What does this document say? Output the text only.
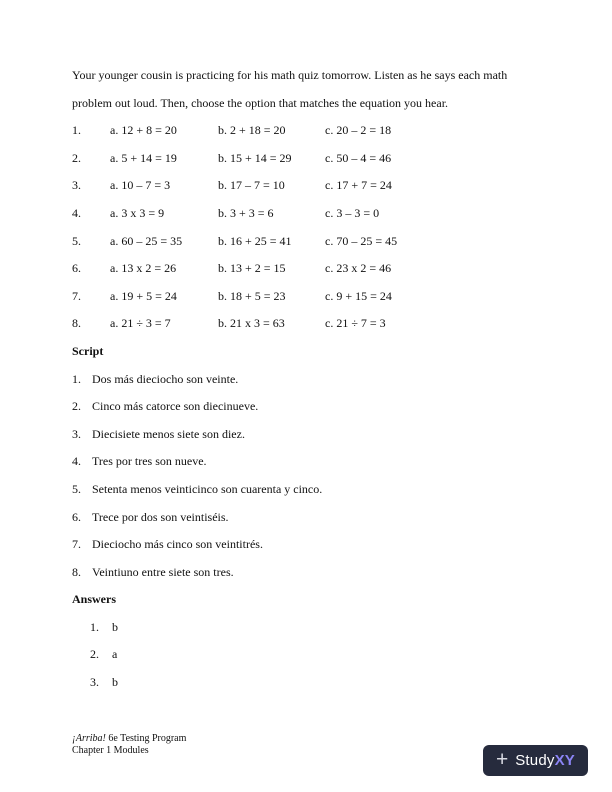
Your younger cousin is practicing for his math quiz tomorrow. Listen as he says each math

problem out loud. Then, choose the option that matches the equation you hear.

1.	a. 12 + 8 = 20	b. 2 + 18 = 20	c. 20 – 2 = 18
2.	a. 5 + 14 = 19	b. 15 + 14 = 29	c. 50 – 4 = 46
3.	a. 10 – 7 = 3	b. 17 – 7 = 10	c. 17 + 7 = 24
4.	a. 3 x 3 = 9	b. 3 + 3 = 6	c. 3 – 3 = 0
5.	a. 60 – 25 = 35	b. 16 + 25 = 41	c. 70 – 25 = 45
6.	a. 13 x 2 = 26	b. 13 + 2 = 15	c. 23 x 2 = 46
7.	a. 19 + 5 = 24	b. 18 + 5 = 23	c. 9 + 15 = 24
8.	a. 21 ÷ 3 = 7	b. 21 x 3 = 63	c. 21 ÷ 7 = 3

Script

1. Dos más dieciocho son veinte.
2. Cinco más catorce son diecinueve.
3. Diecisiete menos siete son diez.
4. Tres por tres son nueve.
5. Setenta menos veinticinco son cuarenta y cinco.
6. Trece por dos son veintiséis.
7. Dieciocho más cinco son veintitrés.
8. Veintiuno entre siete son tres.

Answers

1.	b
2.	a
3.	b
¡Arriba! 6e Testing Program
Chapter 1 Modules	+ StudyXY
